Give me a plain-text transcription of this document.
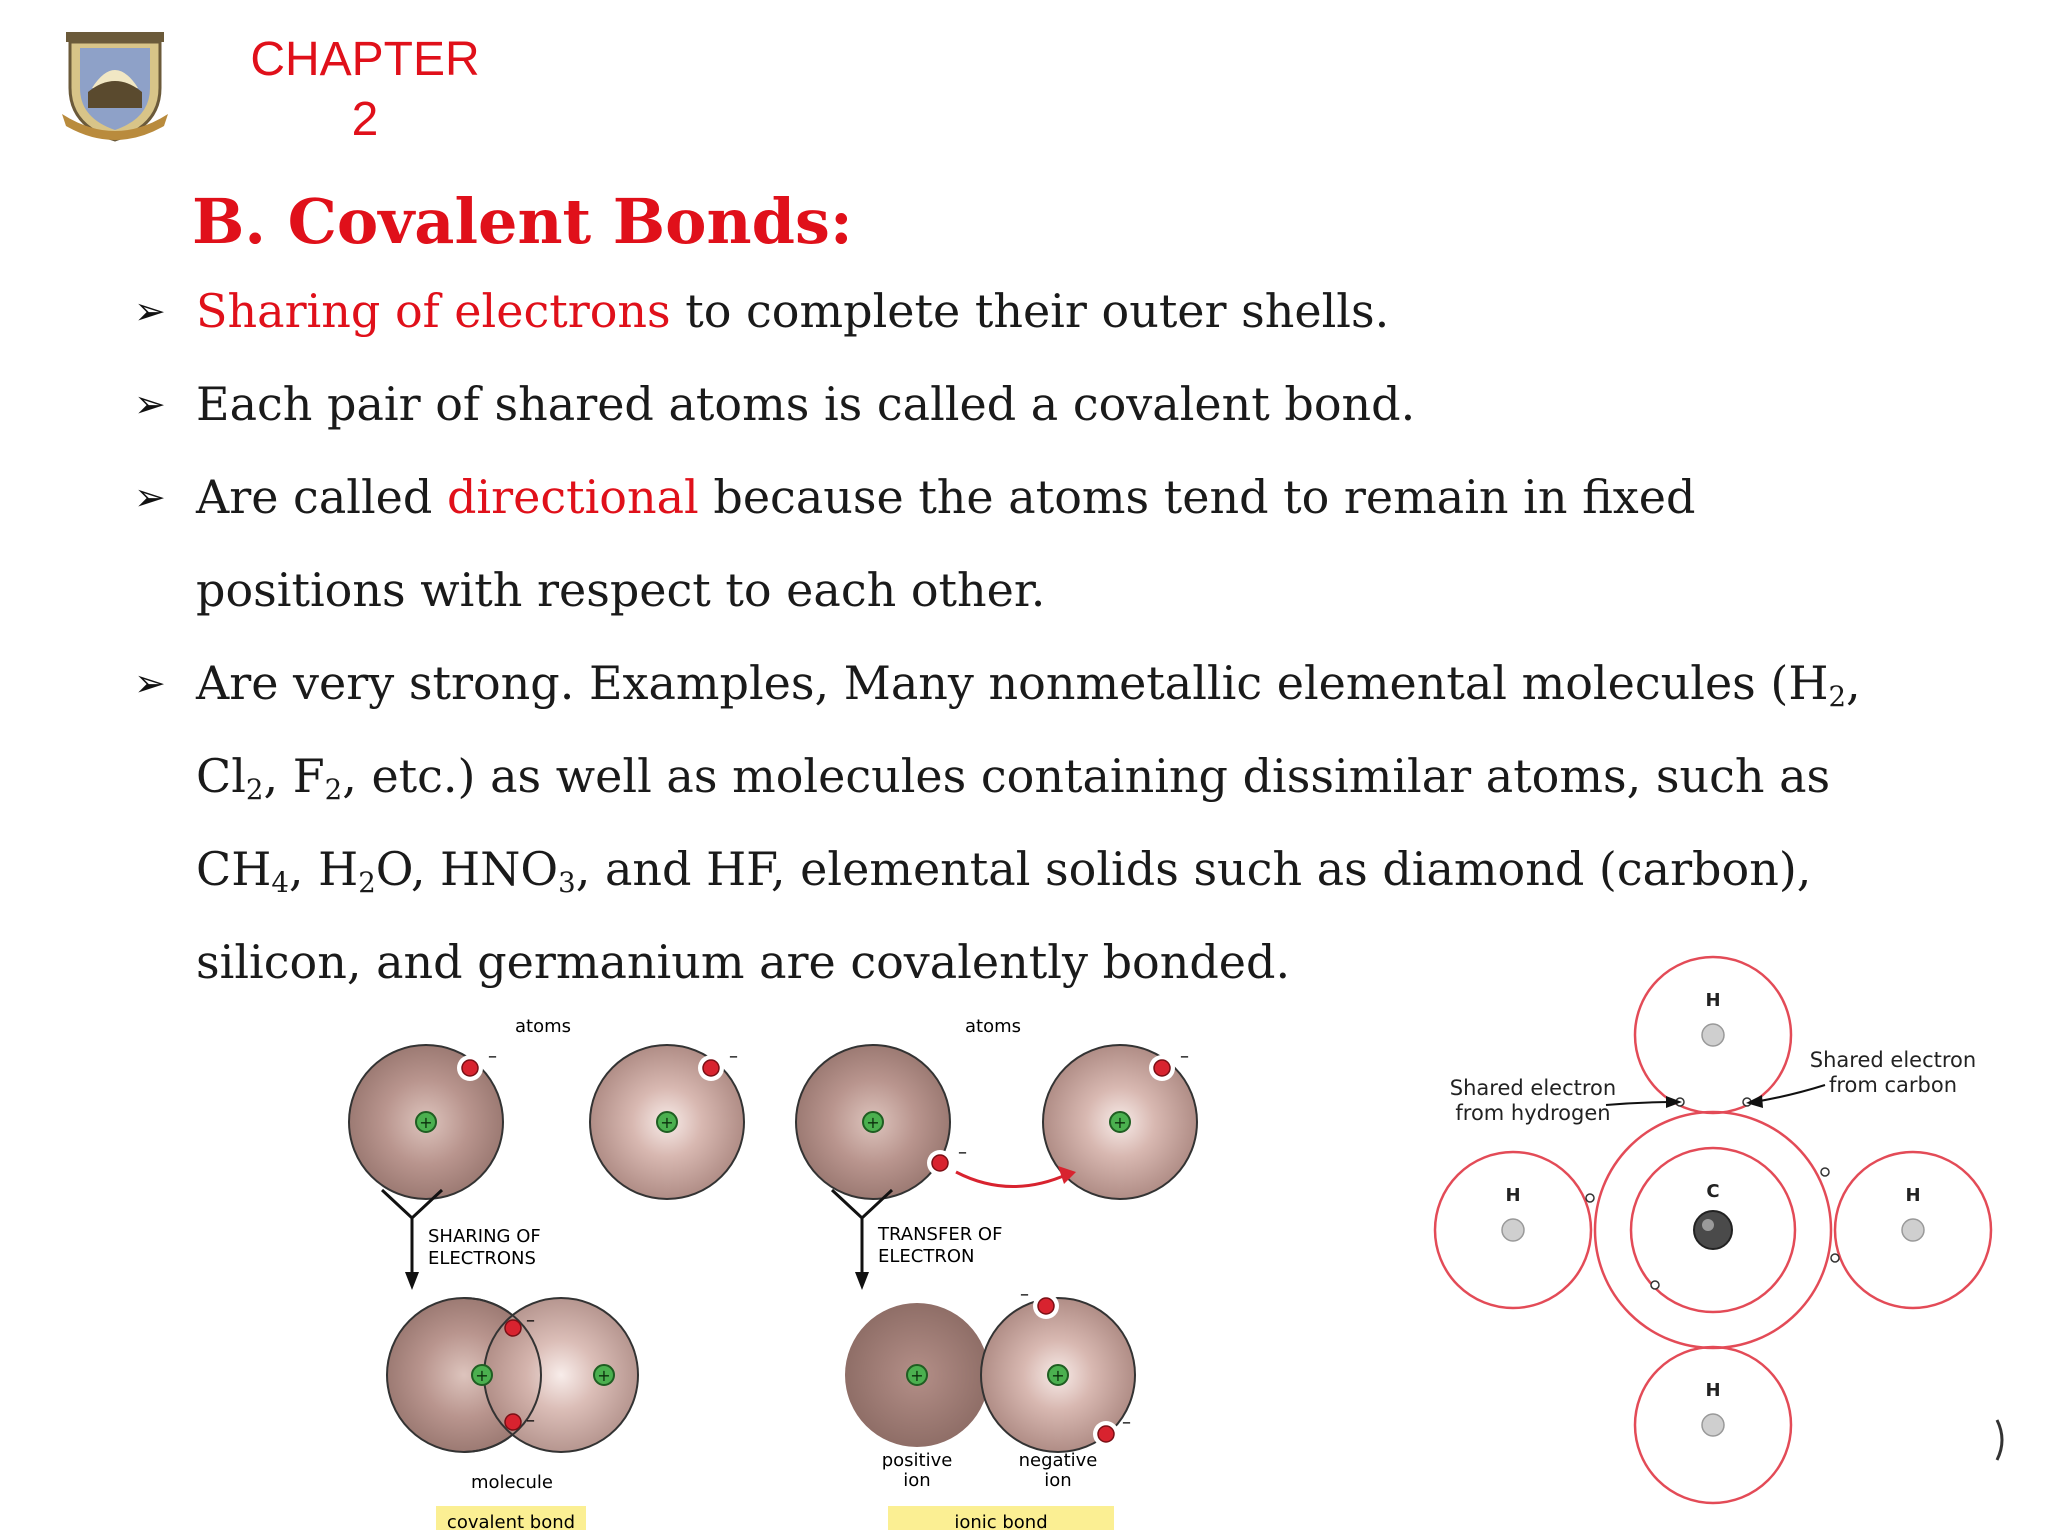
CHAPTER
2
B. Covalent Bonds:
➢ Sharing of electrons to complete their outer shells.
➢ Each pair of shared atoms is called a covalent bond.
➢ Are called directional because the atoms tend to remain in fixed
positions with respect to each other.
➢ Are very strong. Examples, Many nonmetallic elemental molecules ($H_2$,
$Cl_2$, $F_2$, etc.) as well as molecules containing dissimilar atoms, such as
$CH_4$, $H_2O$, $HNO_3$, and HF, elemental solids such as diamond (carbon),
silicon, and germanium are covalently bonded.
atoms
+
–
+
–
SHARING OF
ELECTRONS
+	+
–
–
molecule
covalent bond
atoms
+
–
+
–
TRANSFER OF
ELECTRON
+	+
–
–
positive
ion
negative
ion
ionic bond
H
H
H	H
C
Shared electron
from hydrogen
Shared electron
from carbon
